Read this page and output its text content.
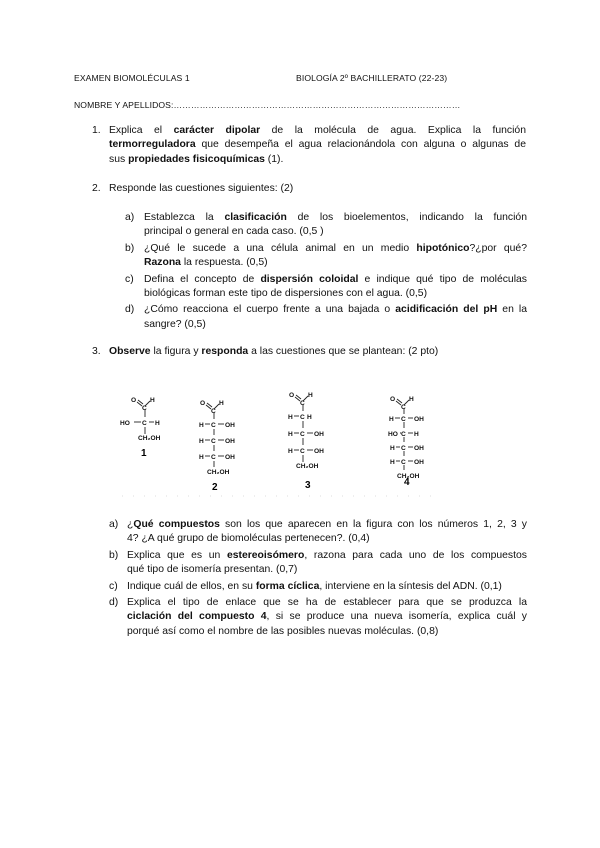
EXAMEN BIOMOLÉCULAS 1	BIOLOGÍA 2º BACHILLERATO (22-23)
NOMBRE Y APELLIDOS:………………………………………………………………………………………
1. Explica el carácter dipolar de la molécula de agua. Explica la función
termorreguladora que desempeña el agua relacionándola con alguna o algunas de
sus propiedades fisicoquímicas (1).
2. Responde las cuestiones siguientes: (2)
a) Establezca la clasificación de los bioelementos, indicando la función
principal o general en cada caso. (0,5 )
b) ¿Qué le sucede a una célula animal en un medio hipotónico?¿por qué?
Razona la respuesta. (0,5)
c) Defina el concepto de dispersión coloidal e indique qué tipo de moléculas
biológicas forman este tipo de dispersiones con el agua. (0,5)
d) ¿Cómo reacciona el cuerpo frente a una bajada o acidificación del pH en la
sangre? (0,5)
3. Observe la figura y responda a las cuestiones que se plantean: (2 pto)
O
C
H
HO C H
CH₂OH
O
C
H
H C OH
H C OH
H C OH
CH₂OH
O
C
H
H C H
H C OH
H C OH
CH₂OH
O
C
H
H C OH
HO C H
H C OH
H C OH
CH₂OH
1
2	3	4
a) ¿Qué compuestos son los que aparecen en la figura con los números 1, 2, 3 y
4? ¿A qué grupo de biomoléculas pertenecen?. (0,4)
b) Explica que es un estereoisómero, razona para cada uno de los compuestos
qué tipo de isomería presentan. (0,7)
c) Indique cuál de ellos, en su forma cíclica, interviene en la síntesis del ADN. (0,1)
d) Explica el tipo de enlace que se ha de establecer para que se produzca la
ciclación del compuesto 4, si se produce una nueva isomería, explica cuál y
porqué así como el nombre de las posibles nuevas moléculas. (0,8)
